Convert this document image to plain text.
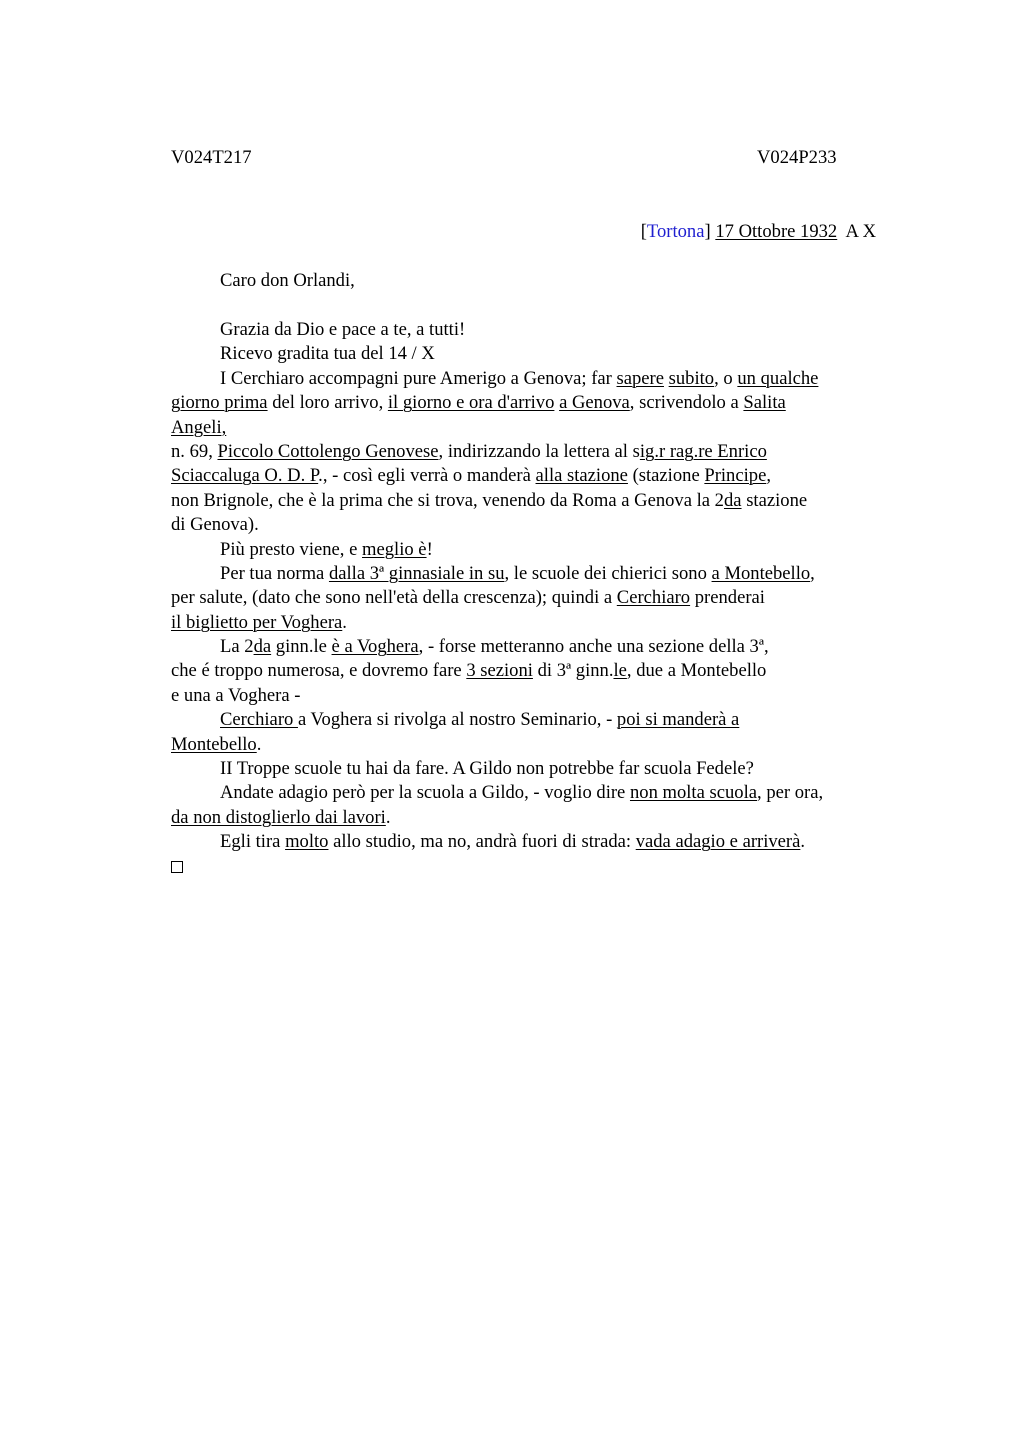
V024T217	V024P233
[Tortona] 17 Ottobre 1932 A X
Caro don Orlandi,
Grazia da Dio e pace a te, a tutti!
Ricevo gradita tua del 14 / X
I Cerchiaro accompagni pure Amerigo a Genova; far sapere subito, o un qualche
giorno prima del loro arrivo, il giorno e ora d'arrivo a Genova, scrivendolo a Salita
Angeli,
n. 69, Piccolo Cottolengo Genovese, indirizzando la lettera al sig.r rag.re Enrico
Sciaccaluga O. D. P., - così egli verrà o manderà alla stazione (stazione Principe,
non Brignole, che è la prima che si trova, venendo da Roma a Genova la 2da stazione
di Genova).
Più presto viene, e meglio è!
Per tua norma dalla 3ª ginnasiale in su, le scuole dei chierici sono a Montebello,
per salute, (dato che sono nell'età della crescenza); quindi a Cerchiaro prenderai
il biglietto per Voghera.
La 2da ginn.le è a Voghera, - forse metteranno anche una sezione della 3ª,
che é troppo numerosa, e dovremo fare 3 sezioni di 3ª ginn.le, due a Montebello
e una a Voghera -
Cerchiaro a Voghera si rivolga al nostro Seminario, - poi si manderà a
Montebello.
II Troppe scuole tu hai da fare. A Gildo non potrebbe far scuola Fedele?
Andate adagio però per la scuola a Gildo, - voglio dire non molta scuola, per ora,
da non distoglierlo dai lavori.
Egli tira molto allo studio, ma no, andrà fuori di strada: vada adagio e arriverà.
